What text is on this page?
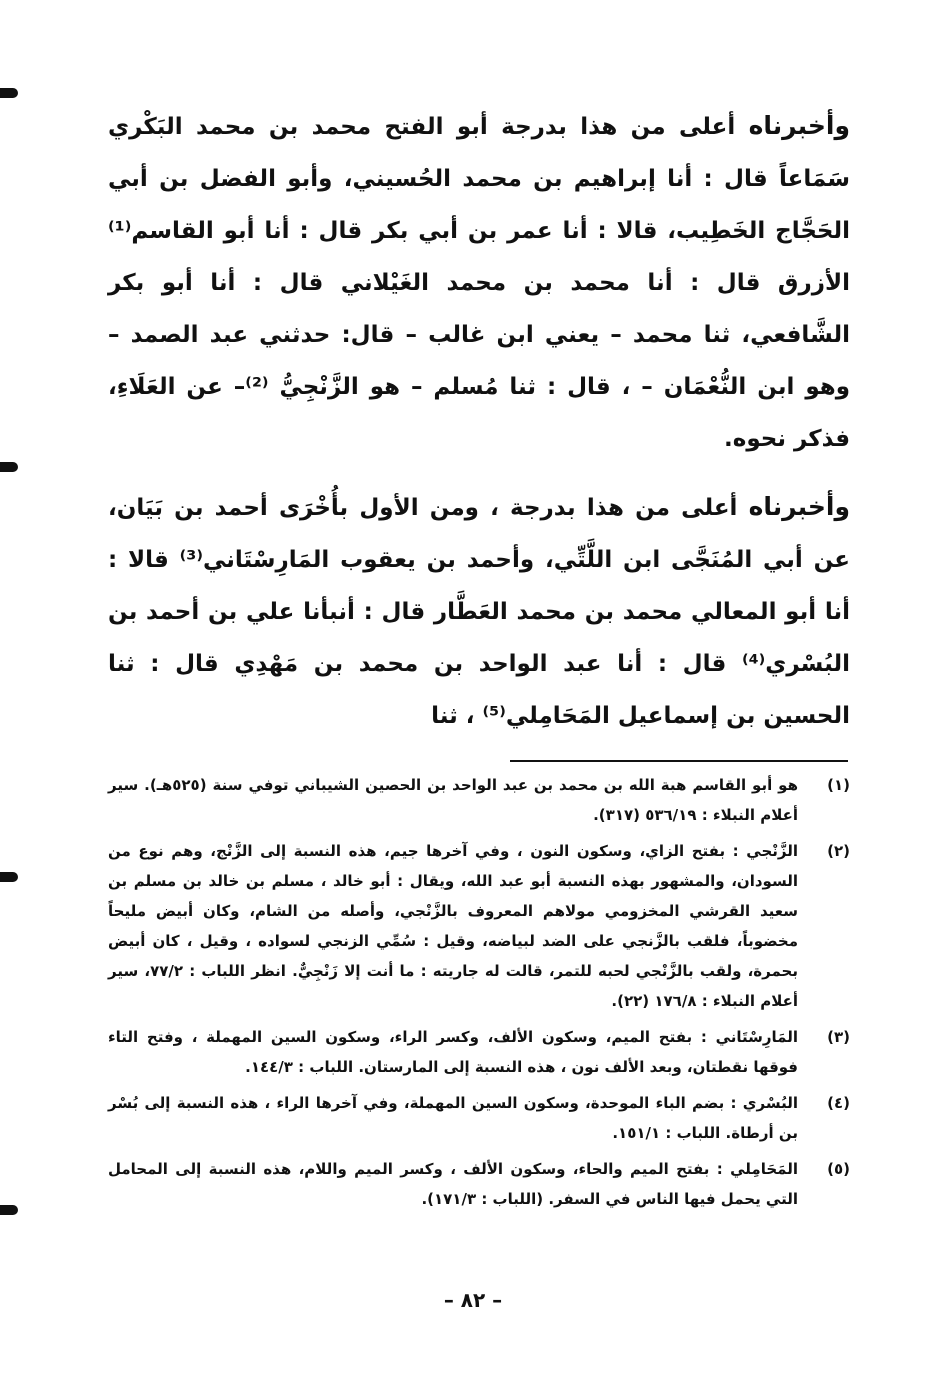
وأخبرناه أعلى من هذا بدرجة أبو الفتح محمد بن محمد البَكْري سَمَاعاً قال : أنا إبراهيم بن محمد الحُسيني، وأبو الفضل بن أبي الحَجَّاج الخَطِيب، قالا : أنا عمر بن أبي بكر قال : أنا أبو القاسم⁽¹⁾ الأزرق قال : أنا محمد بن محمد الغَيْلاني قال : أنا أبو بكر الشَّافعي، ثنا محمد – يعني ابن غالب – قال: حدثني عبد الصمد – وهو ابن النُّعْمَان – ، قال : ثنا مُسلم – هو الزَّنْجِيُّ ⁽²⁾– عن العَلَاءِ، فذكر نحوه.

وأخبرناه أعلى من هذا بدرجة ، ومن الأول بأُخْرَى أحمد بن بَيَان، عن أبي المُنَجَّى ابن اللَّتِّي، وأحمد بن يعقوب المَارِسْتَاني⁽³⁾ قالا : أنا أبو المعالي محمد بن محمد العَطَّار قال : أنبأنا علي بن أحمد بن البُسْري⁽⁴⁾ قال : أنا عبد الواحد بن محمد بن مَهْدِي قال : ثنا الحسين بن إسماعيل المَحَامِلي⁽⁵⁾ ، ثنا

(١)
هو أبو القاسم هبة الله بن محمد بن عبد الواحد بن الحصين الشيباني توفي سنة (٥٢٥هـ). سير أعلام النبلاء : ٥٣٦/١٩ (٣١٧).
(٢)
الزَّنْجي : بفتح الزاي، وسكون النون ، وفي آخرها جيم، هذه النسبة إلى الزَّنْج، وهم نوع من السودان، والمشهور بهذه النسبة أبو عبد الله، ويقال : أبو خالد ، مسلم بن خالد بن مسلم بن سعيد القرشي المخزومي مولاهم المعروف بالزَّنْجي، وأصله من الشام، وكان أبيض مليحاً مخضوباً، فلقب بالزَّنجي على الضد لبياضه، وقيل : سُمِّي الزنجي لسواده ، وقيل ، كان أبيض بحمرة، ولقب بالزَّنْجي لحبه للتمر، قالت له جاريته : ما أنت إلا زَنْجِيٌّ. انظر اللباب : ٧٧/٢، سير أعلام النبلاء : ١٧٦/٨ (٢٢).
(٣)
المَارِسْتَاني : بفتح الميم، وسكون الألف، وكسر الراء، وسكون السين المهملة ، وفتح التاء فوقها نقطتان، وبعد الألف نون ، هذه النسبة إلى المارستان. اللباب : ١٤٤/٣.
(٤)
البُسْري : بضم الباء الموحدة، وسكون السين المهملة، وفي آخرها الراء ، هذه النسبة إلى بُسْر بن أرطاة. اللباب : ١٥١/١.
(٥)
المَحَامِلي : بفتح الميم والحاء، وسكون الألف ، وكسر الميم واللام، هذه النسبة إلى المحامل التي يحمل فيها الناس في السفر. (اللباب : ١٧١/٣).
– ٨٢ –
